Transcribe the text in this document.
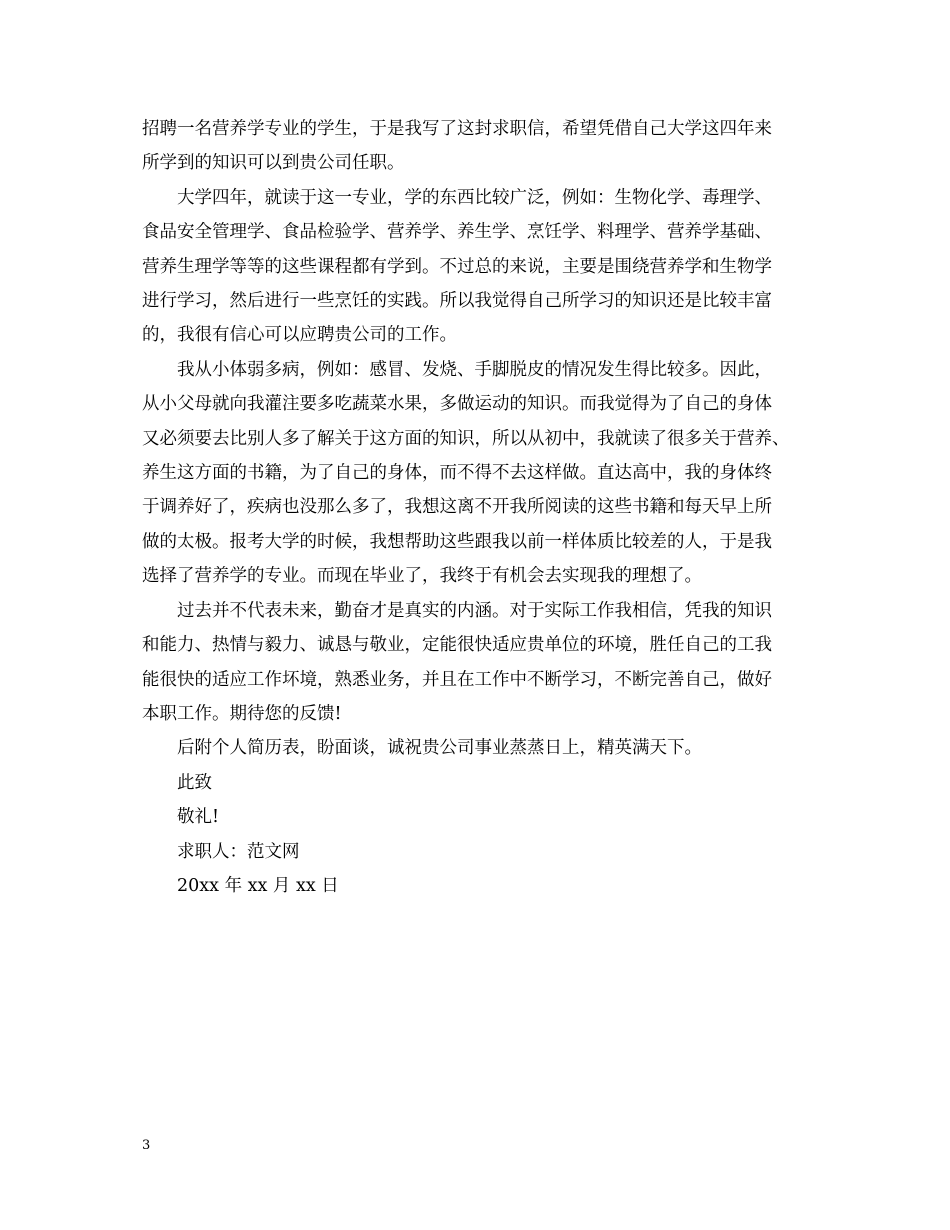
招聘一名营养学专业的学生，于是我写了这封求职信，希望凭借自己大学这四年来
所学到的知识可以到贵公司任职。
大学四年，就读于这一专业，学的东西比较广泛，例如：生物化学、毒理学、
食品安全管理学、食品检验学、营养学、养生学、烹饪学、料理学、营养学基础、
营养生理学等等的这些课程都有学到。不过总的来说，主要是围绕营养学和生物学
进行学习，然后进行一些烹饪的实践。所以我觉得自己所学习的知识还是比较丰富
的，我很有信心可以应聘贵公司的工作。
我从小体弱多病，例如：感冒、发烧、手脚脱皮的情况发生得比较多。因此，
从小父母就向我灌注要多吃蔬菜水果，多做运动的知识。而我觉得为了自己的身体
又必须要去比别人多了解关于这方面的知识，所以从初中，我就读了很多关于营养、
养生这方面的书籍，为了自己的身体，而不得不去这样做。直达高中，我的身体终
于调养好了，疾病也没那么多了，我想这离不开我所阅读的这些书籍和每天早上所
做的太极。报考大学的时候，我想帮助这些跟我以前一样体质比较差的人，于是我
选择了营养学的专业。而现在毕业了，我终于有机会去实现我的理想了。
过去并不代表未来，勤奋才是真实的内涵。对于实际工作我相信，凭我的知识
和能力、热情与毅力、诚恳与敬业，定能很快适应贵单位的环境，胜任自己的工我
能很快的适应工作坏境，熟悉业务，并且在工作中不断学习，不断完善自己，做好
本职工作。期待您的反馈!
后附个人简历表，盼面谈，诚祝贵公司事业蒸蒸日上，精英满天下。
此致
敬礼!
求职人：范文网
20xx 年 xx 月 xx 日
3
